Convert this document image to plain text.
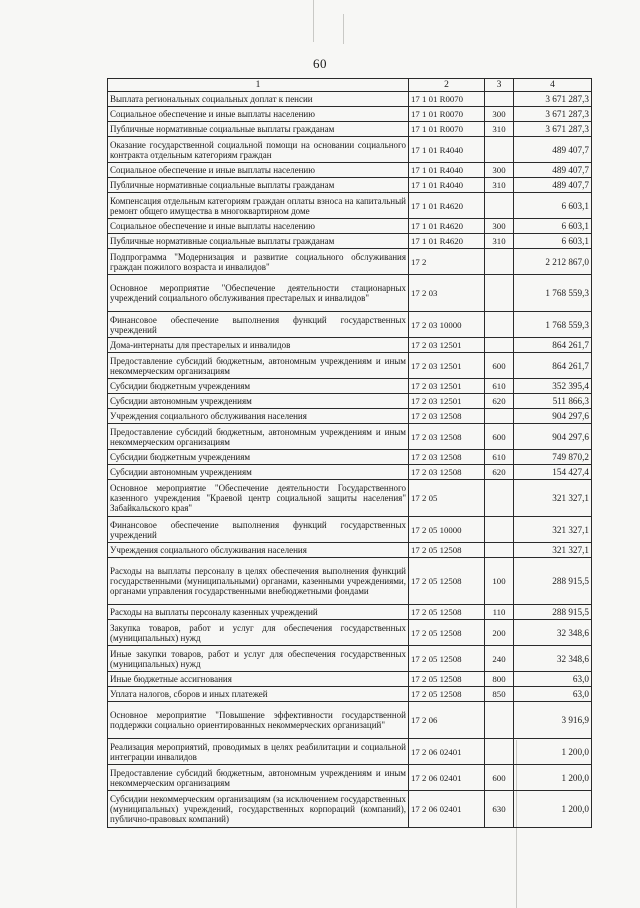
60
1	2	3	4
Выплата региональных социальных доплат к пенсии	17 1 01 R0070		3 671 287,3
Социальное обеспечение и иные выплаты населению	17 1 01 R0070	300	3 671 287,3
Публичные нормативные социальные выплаты гражданам	17 1 01 R0070	310	3 671 287,3
Оказание государственной социальной помощи на основании социального контракта отдельным категориям граждан	17 1 01 R4040		489 407,7
Социальное обеспечение и иные выплаты населению	17 1 01 R4040	300	489 407,7
Публичные нормативные социальные выплаты гражданам	17 1 01 R4040	310	489 407,7
Компенсация отдельным категориям граждан оплаты взноса на капитальный ремонт общего имущества в многоквартирном доме	17 1 01 R4620		6 603,1
Социальное обеспечение и иные выплаты населению	17 1 01 R4620	300	6 603,1
Публичные нормативные социальные выплаты гражданам	17 1 01 R4620	310	6 603,1
Подпрограмма "Модернизация и развитие социального обслуживания граждан пожилого возраста и инвалидов"	17 2		2 212 867,0
Основное мероприятие "Обеспечение деятельности стационарных учреждений социального обслуживания престарелых и инвалидов"	17 2 03		1 768 559,3
Финансовое обеспечение выполнения функций государственных учреждений	17 2 03 10000		1 768 559,3
Дома-интернаты для престарелых и инвалидов	17 2 03 12501		864 261,7
Предоставление субсидий бюджетным, автономным учреждениям и иным некоммерческим организациям	17 2 03 12501	600	864 261,7
Субсидии бюджетным учреждениям	17 2 03 12501	610	352 395,4
Субсидии автономным учреждениям	17 2 03 12501	620	511 866,3
Учреждения социального обслуживания населения	17 2 03 12508		904 297,6
Предоставление субсидий бюджетным, автономным учреждениям и иным некоммерческим организациям	17 2 03 12508	600	904 297,6
Субсидии бюджетным учреждениям	17 2 03 12508	610	749 870,2
Субсидии автономным учреждениям	17 2 03 12508	620	154 427,4
Основное мероприятие "Обеспечение деятельности Государственного казенного учреждения "Краевой центр социальной защиты населения" Забайкальского края"	17 2 05		321 327,1
Финансовое обеспечение выполнения функций государственных учреждений	17 2 05 10000		321 327,1
Учреждения социального обслуживания населения	17 2 05 12508		321 327,1
Расходы на выплаты персоналу в целях обеспечения выполнения функций государственными (муниципальными) органами, казенными учреждениями, органами управления государственными внебюджетными фондами	17 2 05 12508	100	288 915,5
Расходы на выплаты персоналу казенных учреждений	17 2 05 12508	110	288 915,5
Закупка товаров, работ и услуг для обеспечения государственных (муниципальных) нужд	17 2 05 12508	200	32 348,6
Иные закупки товаров, работ и услуг для обеспечения государственных (муниципальных) нужд	17 2 05 12508	240	32 348,6
Иные бюджетные ассигнования	17 2 05 12508	800	63,0
Уплата налогов, сборов и иных платежей	17 2 05 12508	850	63,0
Основное мероприятие "Повышение эффективности государственной поддержки социально ориентированных некоммерческих организаций"	17 2 06		3 916,9
Реализация мероприятий, проводимых в целях реабилитации и социальной интеграции инвалидов	17 2 06 02401		1 200,0
Предоставление субсидий бюджетным, автономным учреждениям и иным некоммерческим организациям	17 2 06 02401	600	1 200,0
Субсидии некоммерческим организациям (за исключением государственных (муниципальных) учреждений, государственных корпораций (компаний), публично-правовых компаний)	17 2 06 02401	630	1 200,0
